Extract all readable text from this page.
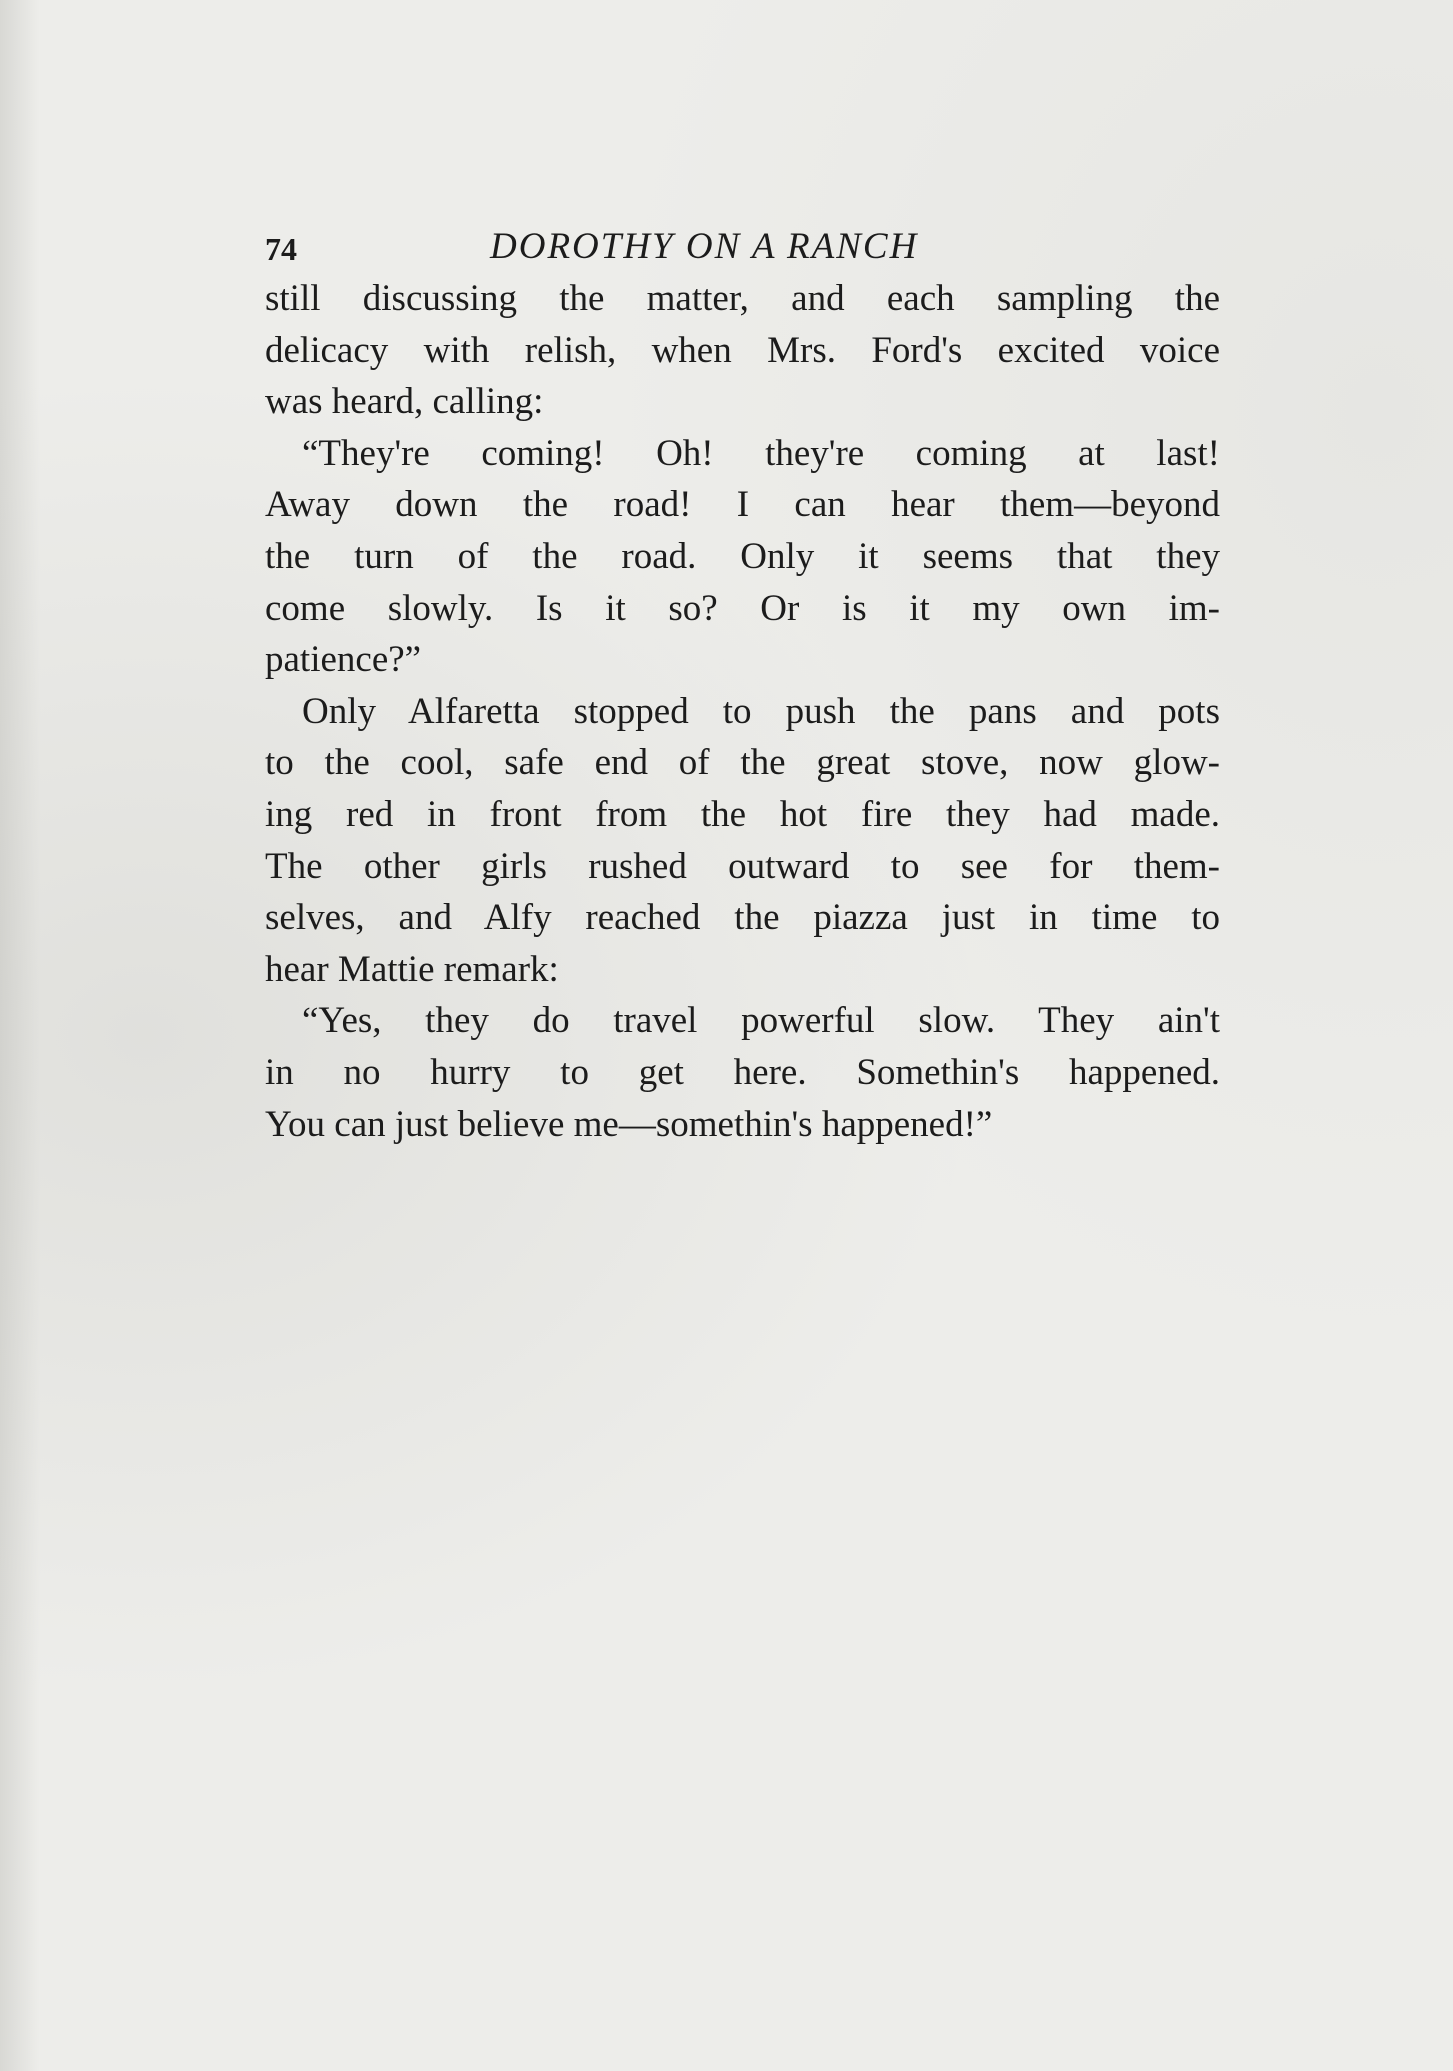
74	DOROTHY ON A RANCH
still discussing the matter, and each sampling the
delicacy with relish, when Mrs. Ford's excited voice
was heard, calling:
“They're coming! Oh! they're coming at last!
Away down the road! I can hear them—beyond
the turn of the road. Only it seems that they
come slowly. Is it so? Or is it my own im-
patience?”
Only Alfaretta stopped to push the pans and pots
to the cool, safe end of the great stove, now glow-
ing red in front from the hot fire they had made.
The other girls rushed outward to see for them-
selves, and Alfy reached the piazza just in time to
hear Mattie remark:
“Yes, they do travel powerful slow. They ain't
in no hurry to get here. Somethin's happened.
You can just believe me—somethin's happened!”
